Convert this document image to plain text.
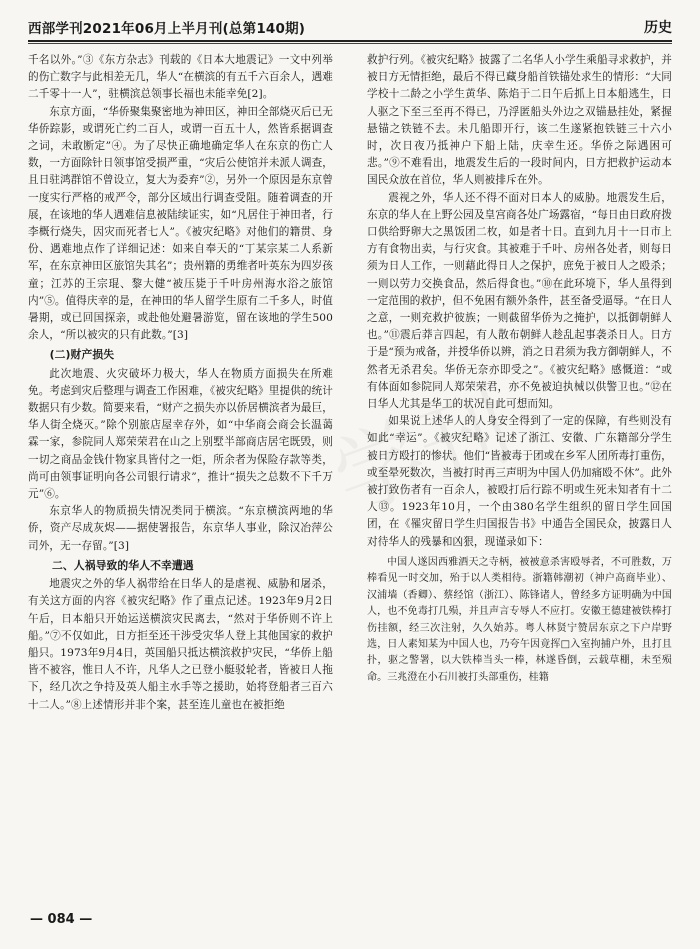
西部学刊2021年06月上半月刊(总第140期)	历史

千名以外。”③《东方杂志》刊载的《日本大地震记》一文中列举的伤亡数字与此相差无几，华人“在横滨的有五千六百余人，遇难二千零十一人”，驻横滨总领事长福也未能幸免[2]。

东京方面，“华侨聚集聚密地为神田区，神田全部烧灭后已无华侨踪影，或谓死亡约二百人，或谓一百五十人，然皆系据调查之词，未敢断定”④。为了尽快正确地确定华人在东京的伤亡人数，一方面除针日领事馆受损严重，“灾后公使馆并未派人调查，且日驻鸿群馆不曾设立，复大为委弃”②，另外一个原因是东京曾一度实行严格的戒严令，部分区域出行调查受阻。随着调查的开展，在该地的华人遇难信息被陆续证实，如“凡居住于神田者，行李概行烧失，因灾而死者七人”。《被灾纪略》对他们的籍贯、身份、遇难地点作了详细记述：如来自奉天的“丁某宗某二人系新军，在东京神田区旅馆失其名”；贵州籍的勇维者叶英东为四岁孩童；江苏的王宗琨、黎大健“被压毙于千叶房州海水浴之旅馆内”⑤。值得庆幸的是，在神田的华人留学生原有二千多人，时值暑期，或已回国探亲，或赴他处避暑游览，留在该地的学生500余人，“所以被灾的只有此数。”[3]

(二)财产损失

此次地震、火灾破坏力极大，华人在物质方面损失在所难免。考虑到灾后整理与调查工作困难，《被灾纪略》里提供的统计数据只有少数。简要来看，“财产之损失亦以侨居横滨者为最巨，华人街全烧灭。”除个别旅店屋幸存外，如“中华商会商会长温蔼霖一家，参院同人郑荣荣君在山之上别墅半部商店居宅既毁，则一切之商品金钱什物家具皆付之一炬，所余者为保险存款等类，尚可由领事证明向各公司银行请求”，推计“损失之总数不下千万元”⑥。

东京华人的物质损失情况类同于横滨。“东京横滨两地的华侨，资产尽成灰烬——据使署报告，东京华人事业，除汉冶萍公司外，无一存留。”[3]

二、人祸导致的华人不幸遭遇

地震灾之外的华人祸带给在日华人的是虐视、威胁和屠杀，有关这方面的内容《被灾纪略》作了重点记述。1923年9月2日午后，日本船只开始运送横滨灾民离去，“然对于华侨则不许上船。”⑦不仅如此，日方拒至还干涉受灾华人登上其他国家的救护船只。1973年9月4日，英国船只抵达横滨救护灾民，“华侨上船皆不被容，惟日人不许，凡华人之已登小艇驳轮者，皆被日人拖下，经几次之争持及英人船主水手等之援助，始将登船者三百六十二人。”⑧上述情形并非个案，甚至连儿童也在被拒绝

救护行列。《被灾纪略》披露了二名华人小学生乘船寻求救护，并被日方无情拒绝，最后不得已藏身船首铁锚处求生的情形：“大同学校十二龄之小学生黄华、陈焰于二日午后抓上日本船逃生，日人驱之下至三至再不得已，乃浮匿船头外边之双锚悬挂处，紧握悬锚之铁链不去。未几船即开行，该二生遂紧抱铁链三十六小时，次日夜乃抵神户下船上陆，庆幸生还。华侨之际遇困可悲。”⑨不难看出，地震发生后的一段时间内，日方把救护运动本国民众放在首位，华人则被排斥在外。

震视之外，华人还不得不面对日本人的威胁。地震发生后，东京的华人在上野公园及皇宫商各处广场露宿，“每日由日政府拨口供给野卵大之黑饭团二枚，如是者十日。直到九月十一日市上方有食物出卖，与行灾食。其被难于千叶、房州各处者，则每日须为日人工作，一则藉此得日人之保护，庶免于被日人之殴杀；一则以劳力交换食品，然后得食也。”⑩在此环境下，华人虽得到一定范围的救护，但不免困有额外条件，甚至备受逼辱。“在日人之意，一则充救护彼族；一则截留华侨为之掩护，以抵御朝鲜人也。”⑪震后莽言四起，有人散布朝鲜人趁乱起事袭杀日人。日方于是“预为戒备，并授华侨以辨，消之日君须为我方御朝鲜人，不然者无杀君矣。华侨无奈亦即受之”。《被灾纪略》感慨道：“或有体面如参院同人郑荣荣君，亦不免被迫执械以供警卫也。”⑫在日华人尤其是华工的状况自此可想而知。

如果说上述华人的人身安全得到了一定的保障，有些则没有如此“幸运”。《被灾纪略》记述了浙江、安徽、广东籍部分学生被日方殴打的惨状。他们“皆被毒于团或在乡军人团所毒打重伤，或至晕死数次，当被打时再三声明为中国人仍加痛殴不休”。此外被打致伤者有一百余人，被殴打后行踪不明或生死未知者有十二人⑬。1923年10月，一个由380名学生组织的留日学生回国团，在《罹灾留日学生归国报告书》中通告全国民众，披露日人对待华人的残暴和凶狠，现谨录如下：

中国人遂因西雅酒天之寺柄，被被意杀害殴辱者，不可胜数，万棒看见一时交加，殆于以人类相待。浙籍韩潮初（神户高商毕业）、汉浦墙（香卿）、蔡经馆（浙江）、陈锋诸人，曾经多方证明确为中国人，也不免毒打几殒，并且声言专辱人不应打。安徽王德建被铁棒打伤挂额，经三次注射，久久始苏。粤人林贤宁赞居东京之下户岸野选，日人素知某为中国人也，乃夸午因竟挥□入室拘捕户外，且打且扑，驱之警署，以大铁棒当头一棒，林遂昏倒，云载草棚，未至殒命。三兆澄在小石川被打头部重伤，桂籍

— 084 —
